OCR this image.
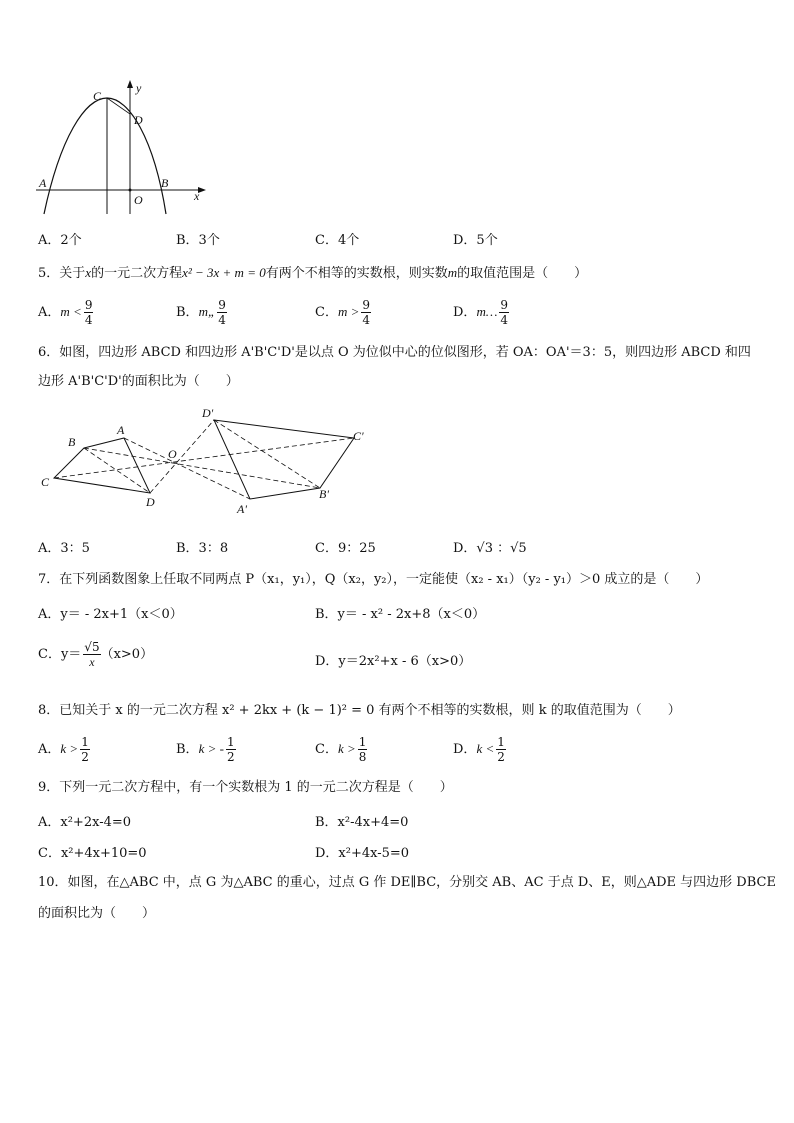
C
y
D
A	B
x
O
A．2个	B．3个	C．4个	D．5个
5．关于x的一元二次方程x² − 3x + m = 0有两个不相等的实数根，则实数m的取值范围是（　　）
A．$m < \frac{9}{4}$	B．m„ $\frac{9}{4}$	C．$m > \frac{9}{4}$	D．m… $\frac{9}{4}$
6．如图，四边形 ABCD 和四边形 A'B'C'D'是以点 O 为位似中心的位似图形，若 OA：OA'＝3：5，则四边形 ABCD 和四
边形 A'B'C'D'的面积比为（　　）
B
A
C
D
O
D'
C'
B'
A'
A．3：5	B．3：8	C．9：25	D．√3 ：√5
7．在下列函数图象上任取不同两点 P（x₁，y₁），Q（x₂，y₂），一定能使（x₂ - x₁）（y₂ - y₁）＞0 成立的是（　　）
A．y＝ - 2x+1（x＜0）	B．y＝ - x² - 2x+8（x＜0）
C．$y= \frac{√5}{x} (x>0)$	D．y＝2x²+x - 6（x>0）
8．已知关于 x 的一元二次方程 x² + 2kx + (k − 1)² = 0 有两个不相等的实数根，则 k 的取值范围为（　　）
A．$k > \frac{1}{2}$	B．k > - $\frac{1}{2}$	C．$k > \frac{1}{8}$	D．$k < \frac{1}{2}$
9．下列一元二次方程中，有一个实数根为 1 的一元二次方程是（　　）
A．x²+2x-4=0	B．x²-4x+4=0
C．x²+4x+10=0	D．x²+4x-5=0
10．如图，在△ABC 中，点 G 为△ABC 的重心，过点 G 作 DE∥BC，分别交 AB、AC 于点 D、E，则△ADE 与四边形 DBCE
的面积比为（　　）
